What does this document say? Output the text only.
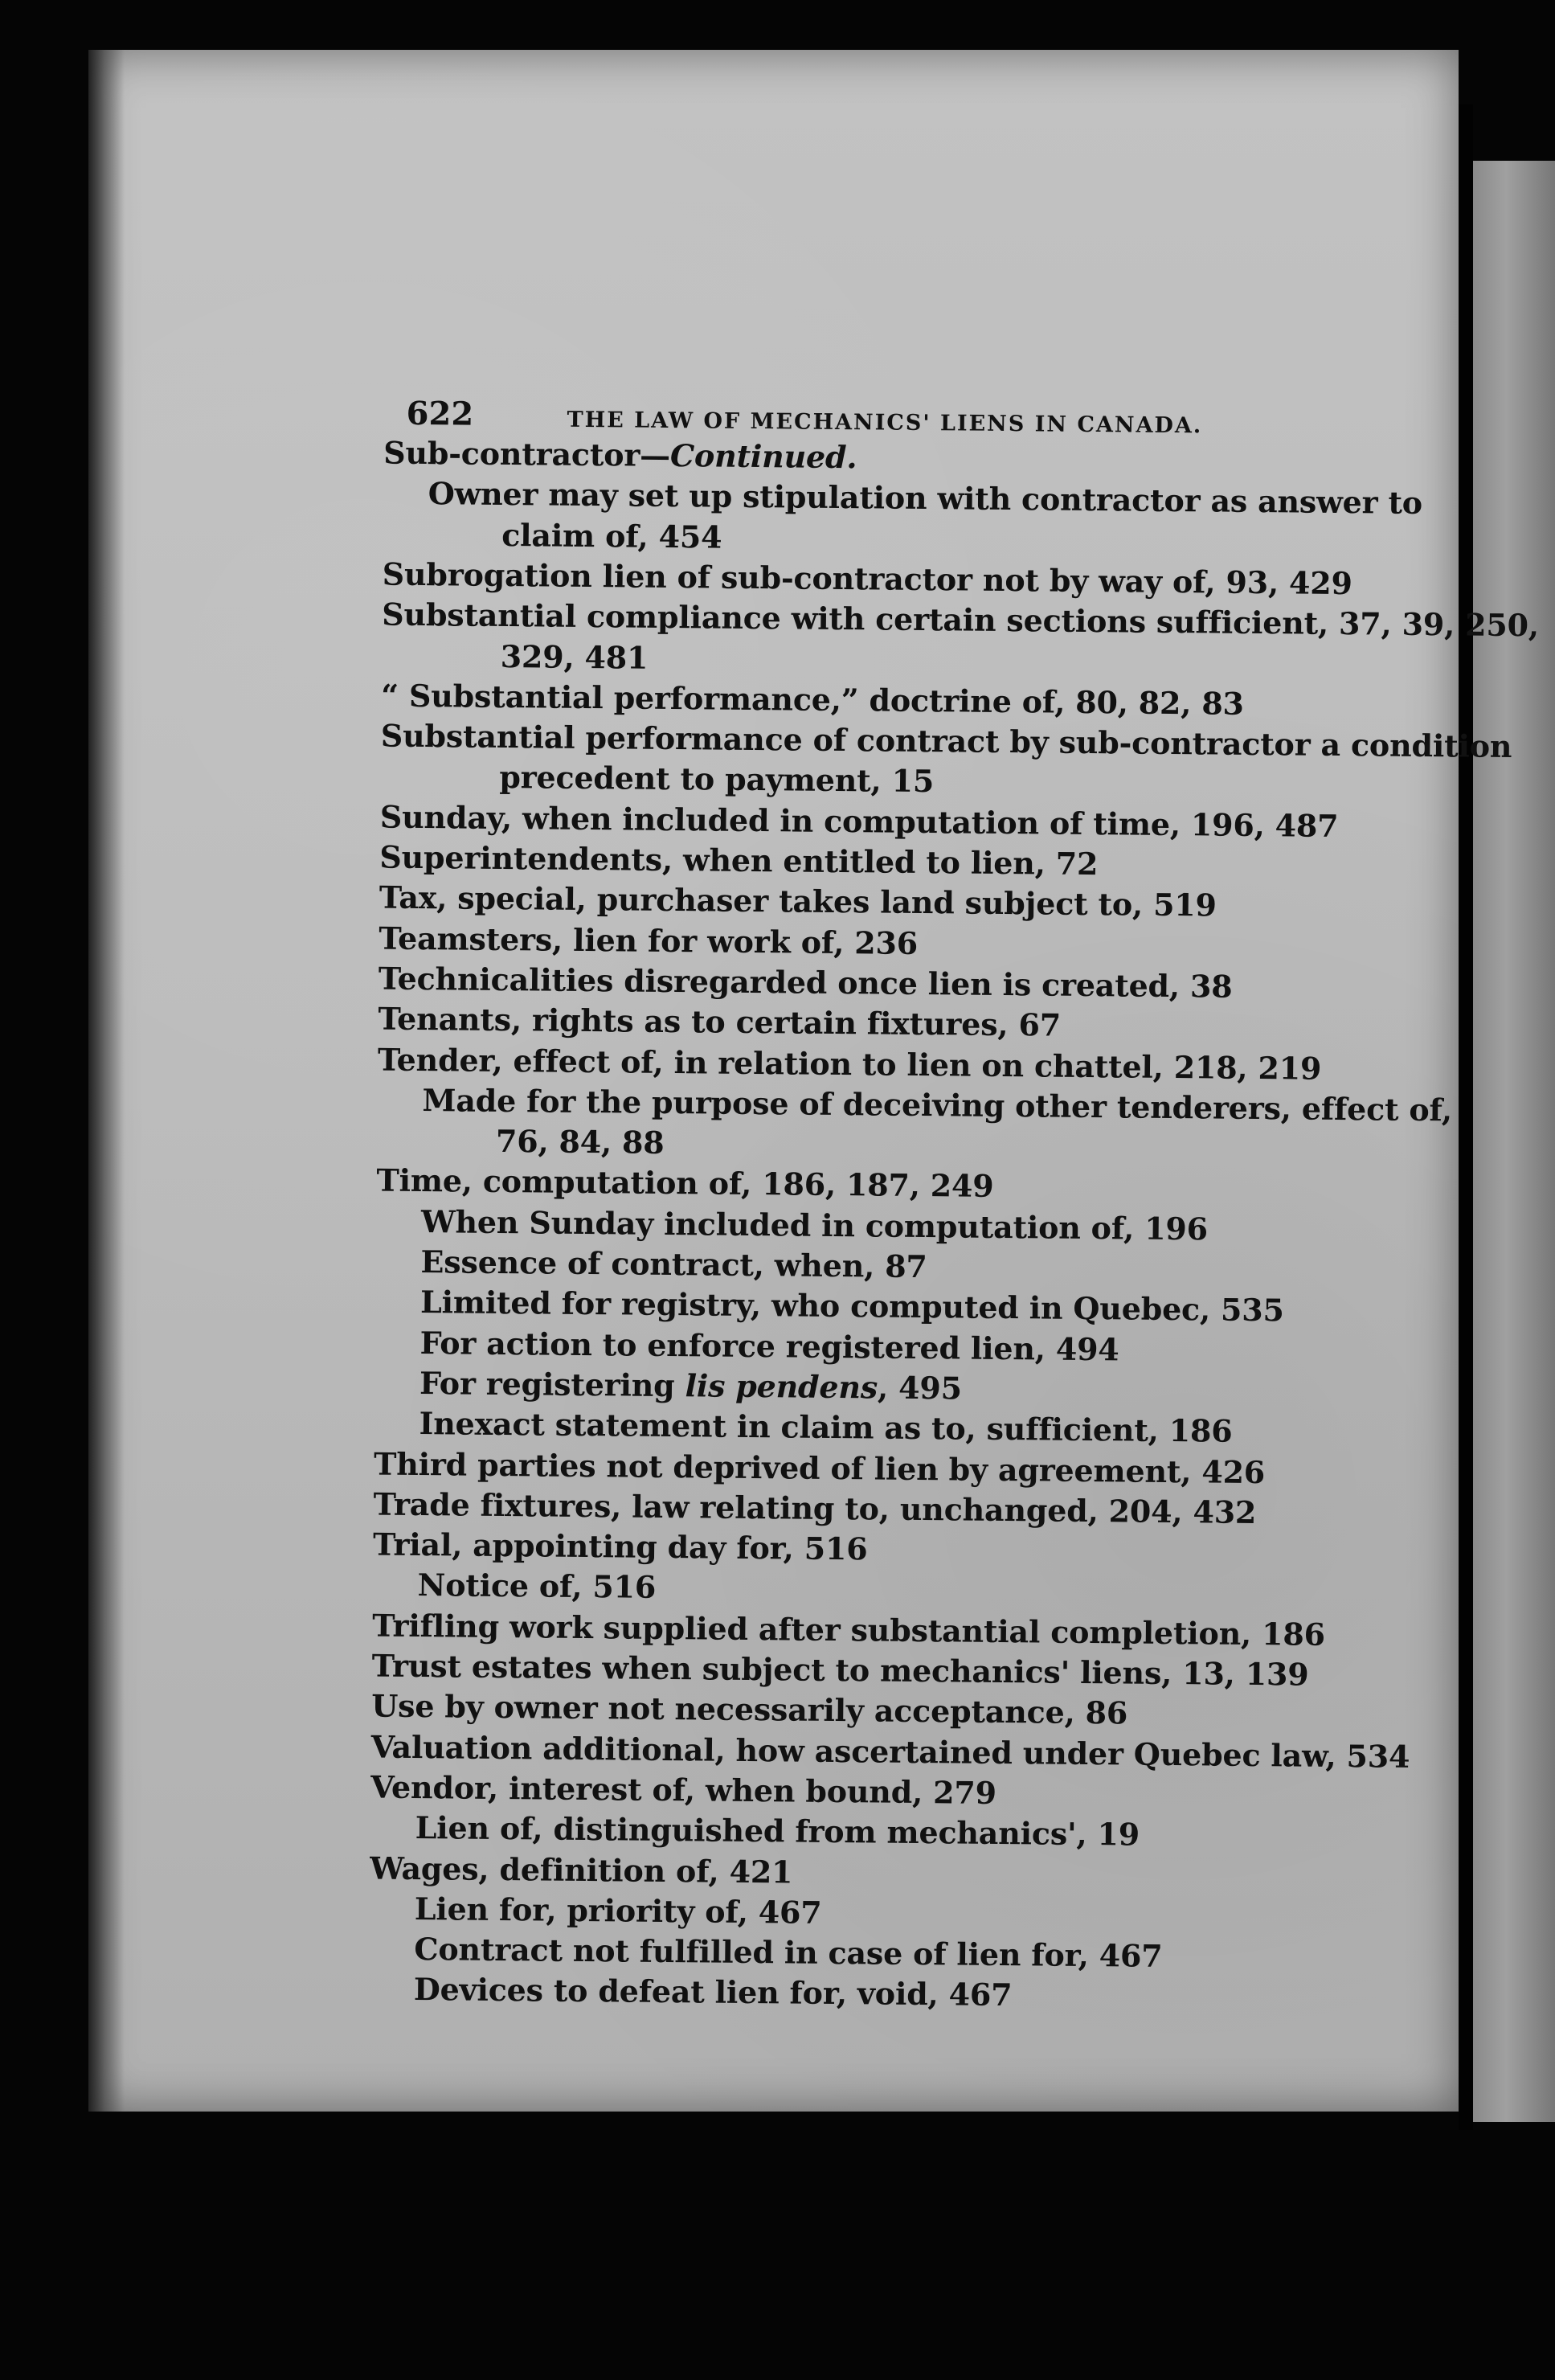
622	THE LAW OF MECHANICS' LIENS IN CANADA.
Sub-contractor—Continued.
Owner may set up stipulation with contractor as answer to
claim of, 454
Subrogation lien of sub-contractor not by way of, 93, 429
Substantial compliance with certain sections sufficient, 37, 39, 250,
329, 481
“ Substantial performance,” doctrine of, 80, 82, 83
Substantial performance of contract by sub-contractor a condition
precedent to payment, 15
Sunday, when included in computation of time, 196, 487
Superintendents, when entitled to lien, 72
Tax, special, purchaser takes land subject to, 519
Teamsters, lien for work of, 236
Technicalities disregarded once lien is created, 38
Tenants, rights as to certain fixtures, 67
Tender, effect of, in relation to lien on chattel, 218, 219
Made for the purpose of deceiving other tenderers, effect of,
76, 84, 88
Time, computation of, 186, 187, 249
When Sunday included in computation of, 196
Essence of contract, when, 87
Limited for registry, who computed in Quebec, 535
For action to enforce registered lien, 494
For registering lis pendens, 495
Inexact statement in claim as to, sufficient, 186
Third parties not deprived of lien by agreement, 426
Trade fixtures, law relating to, unchanged, 204, 432
Trial, appointing day for, 516
Notice of, 516
Trifling work supplied after substantial completion, 186
Trust estates when subject to mechanics' liens, 13, 139
Use by owner not necessarily acceptance, 86
Valuation additional, how ascertained under Quebec law, 534
Vendor, interest of, when bound, 279
Lien of, distinguished from mechanics', 19
Wages, definition of, 421
Lien for, priority of, 467
Contract not fulfilled in case of lien for, 467
Devices to defeat lien for, void, 467
